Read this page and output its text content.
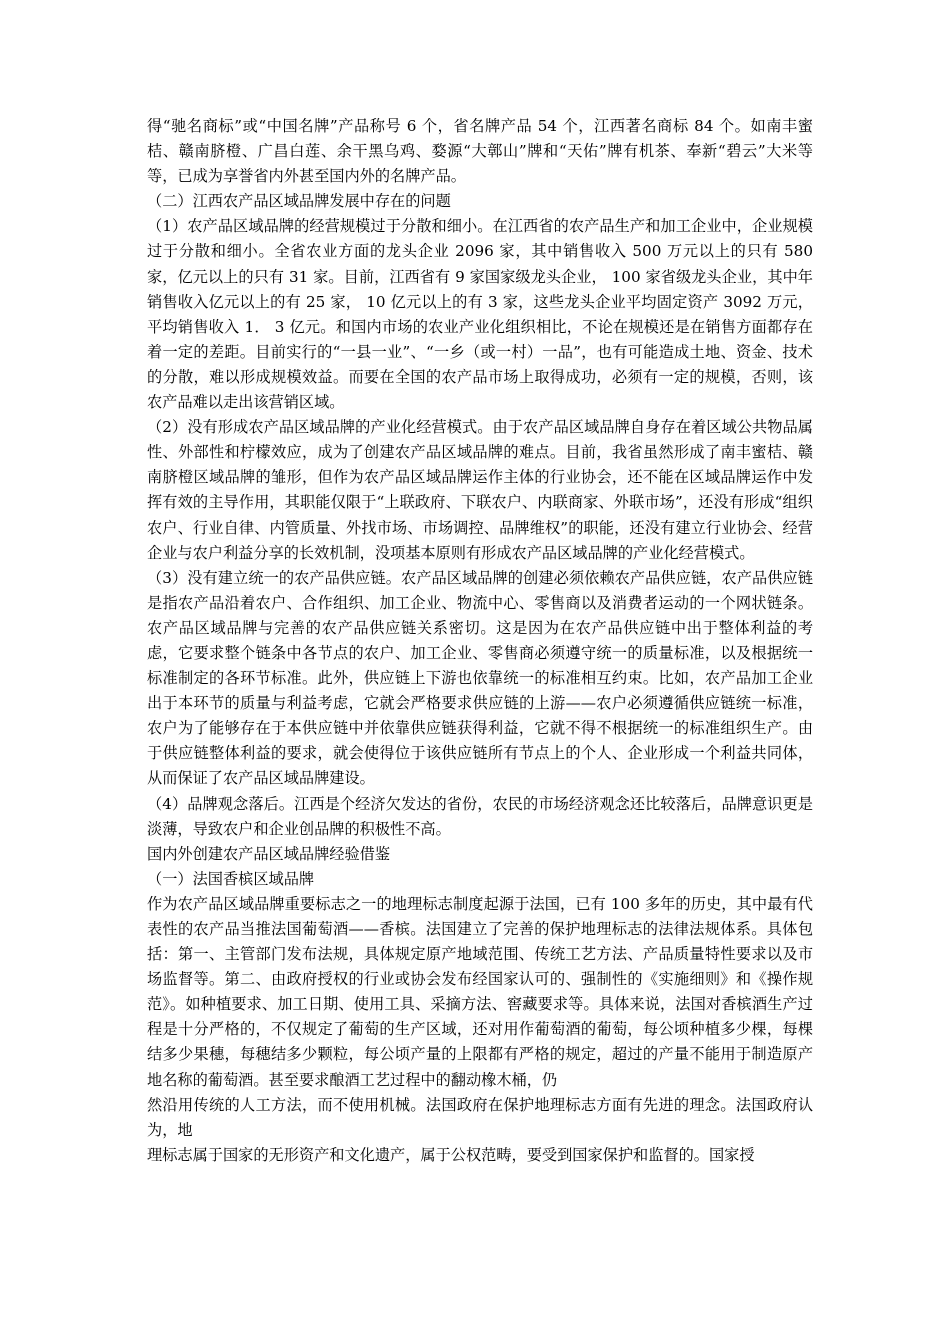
得“驰名商标”或“中国名牌”产品称号 6 个，省名牌产品 54 个，江西著名商标 84 个。如南丰蜜桔、赣南脐橙、广昌白莲、余干黑乌鸡、婺源“大鄣山”牌和“天佑”牌有机茶、奉新“碧云”大米等等，已成为享誉省内外甚至国内外的名牌产品。

（二）江西农产品区域品牌发展中存在的问题

（1）农产品区域品牌的经营规模过于分散和细小。在江西省的农产品生产和加工企业中，企业规模过于分散和细小。全省农业方面的龙头企业 2096 家，其中销售收入 500 万元以上的只有 580 家，亿元以上的只有 31 家。目前，江西省有 9 家国家级龙头企业， 100 家省级龙头企业，其中年销售收入亿元以上的有 25 家， 10 亿元以上的有 3 家，这些龙头企业平均固定资产 3092 万元，平均销售收入 1． 3 亿元。和国内市场的农业产业化组织相比，不论在规模还是在销售方面都存在着一定的差距。目前实行的“一县一业”、“一乡（或一村）一品”，也有可能造成土地、资金、技术的分散，难以形成规模效益。而要在全国的农产品市场上取得成功，必须有一定的规模，否则，该农产品难以走出该营销区域。

（2）没有形成农产品区域品牌的产业化经营模式。由于农产品区域品牌自身存在着区域公共物品属性、外部性和柠檬效应，成为了创建农产品区域品牌的难点。目前，我省虽然形成了南丰蜜桔、赣南脐橙区域品牌的雏形，但作为农产品区域品牌运作主体的行业协会，还不能在区域品牌运作中发挥有效的主导作用，其职能仅限于“上联政府、下联农户、内联商家、外联市场”，还没有形成“组织农户、行业自律、内管质量、外找市场、市场调控、品牌维权”的职能，还没有建立行业协会、经营企业与农户利益分享的长效机制，没项基本原则有形成农产品区域品牌的产业化经营模式。

（3）没有建立统一的农产品供应链。农产品区域品牌的创建必须依赖农产品供应链，农产品供应链是指农产品沿着农户、合作组织、加工企业、物流中心、零售商以及消费者运动的一个网状链条。农产品区域品牌与完善的农产品供应链关系密切。这是因为在农产品供应链中出于整体利益的考虑，它要求整个链条中各节点的农户、加工企业、零售商必须遵守统一的质量标准，以及根据统一标准制定的各环节标准。此外，供应链上下游也依靠统一的标准相互约束。比如，农产品加工企业出于本环节的质量与利益考虑，它就会严格要求供应链的上游——农户必须遵循供应链统一标准，农户为了能够存在于本供应链中并依靠供应链获得利益，它就不得不根据统一的标准组织生产。由于供应链整体利益的要求，就会使得位于该供应链所有节点上的个人、企业形成一个利益共同体，从而保证了农产品区域品牌建设。

（4）品牌观念落后。江西是个经济欠发达的省份，农民的市场经济观念还比较落后，品牌意识更是淡薄，导致农户和企业创品牌的积极性不高。

国内外创建农产品区域品牌经验借鉴

（一）法国香槟区域品牌

作为农产品区域品牌重要标志之一的地理标志制度起源于法国，已有 100 多年的历史，其中最有代表性的农产品当推法国葡萄酒——香槟。法国建立了完善的保护地理标志的法律法规体系。具体包括：第一、主管部门发布法规，具体规定原产地域范围、传统工艺方法、产品质量特性要求以及市场监督等。第二、由政府授权的行业或协会发布经国家认可的、强制性的《实施细则》和《操作规范》。如种植要求、加工日期、使用工具、采摘方法、窖藏要求等。具体来说，法国对香槟酒生产过程是十分严格的，不仅规定了葡萄的生产区域，还对用作葡萄酒的葡萄，每公顷种植多少棵，每棵结多少果穗，每穗结多少颗粒，每公顷产量的上限都有严格的规定，超过的产量不能用于制造原产地名称的葡萄酒。甚至要求酿酒工艺过程中的翻动橡木桶，仍

然沿用传统的人工方法，而不使用机械。法国政府在保护地理标志方面有先进的理念。法国政府认为，地

理标志属于国家的无形资产和文化遗产，属于公权范畴，要受到国家保护和监督的。国家授
